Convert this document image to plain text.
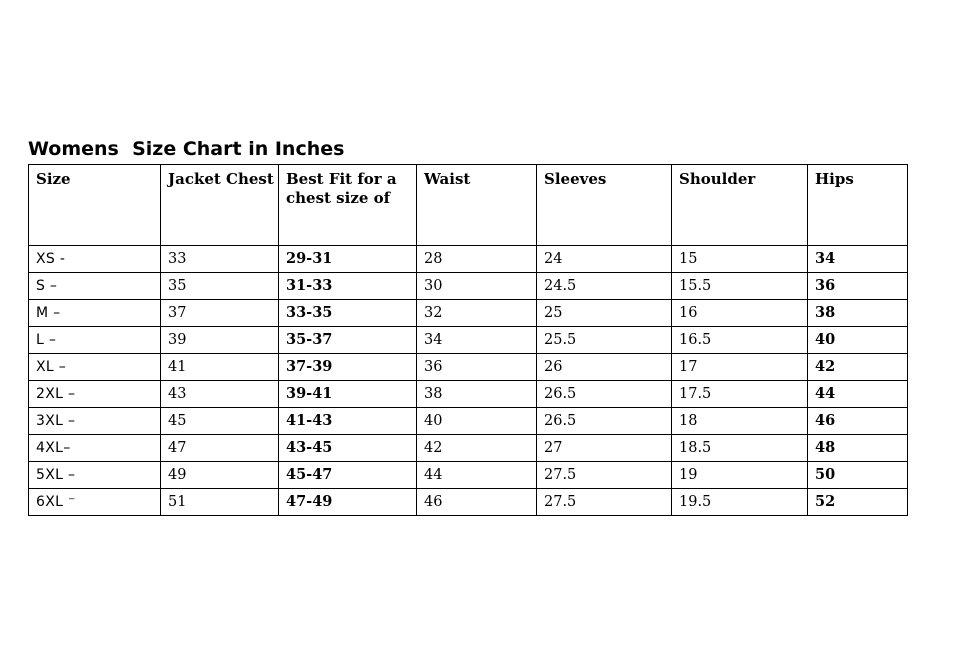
Womens  Size Chart in Inches
Size	Jacket Chest	Best Fit for a chest size of	Waist	Sleeves	Shoulder	Hips
XS -	33	29-31	28	24	15	34
S –	35	31-33	30	24.5	15.5	36
M –	37	33-35	32	25	16	38
L –	39	35-37	34	25.5	16.5	40
XL –	41	37-39	36	26	17	42
2XL –	43	39-41	38	26.5	17.5	44
3XL –	45	41-43	40	26.5	18	46
4XL–	47	43-45	42	27	18.5	48
5XL –	49	45-47	44	27.5	19	50
6XL ⁻	51	47-49	46	27.5	19.5	52
